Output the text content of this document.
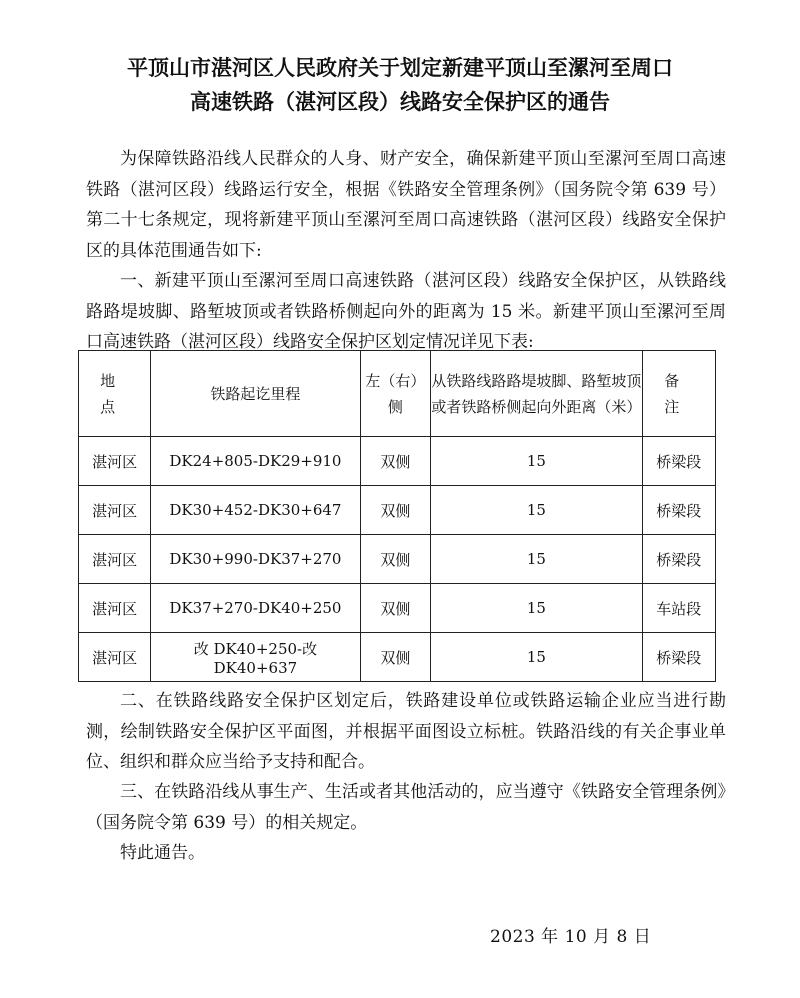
平顶山市湛河区人民政府关于划定新建平顶山至漯河至周口
高速铁路（湛河区段）线路安全保护区的通告

为保障铁路沿线人民群众的人身、财产安全，确保新建平顶山至漯河至周口高速铁路（湛河区段）线路运行安全，根据《铁路安全管理条例》（国务院令第 639 号）第二十七条规定，现将新建平顶山至漯河至周口高速铁路（湛河区段）线路安全保护区的具体范围通告如下:

一、新建平顶山至漯河至周口高速铁路（湛河区段）线路安全保护区，从铁路线路路堤坡脚、路堑坡顶或者铁路桥侧起向外的距离为 15 米。新建平顶山至漯河至周口高速铁路（湛河区段）线路安全保护区划定情况详见下表:

地 点	铁路起讫里程	左（右）侧	从铁路线路路堤坡脚、路堑坡顶或者铁路桥侧起向外距离（米）	备 注
湛河区	DK24+805-DK29+910	双侧	15	桥梁段
湛河区	DK30+452-DK30+647	双侧	15	桥梁段
湛河区	DK30+990-DK37+270	双侧	15	桥梁段
湛河区	DK37+270-DK40+250	双侧	15	车站段
湛河区	改 DK40+250-改 DK40+637	双侧	15	桥梁段

二、在铁路线路安全保护区划定后，铁路建设单位或铁路运输企业应当进行勘测，绘制铁路安全保护区平面图，并根据平面图设立标桩。铁路沿线的有关企事业单位、组织和群众应当给予支持和配合。

三、在铁路沿线从事生产、生活或者其他活动的，应当遵守《铁路安全管理条例》（国务院令第 639 号）的相关规定。

特此通告。

2023 年 10 月 8 日
